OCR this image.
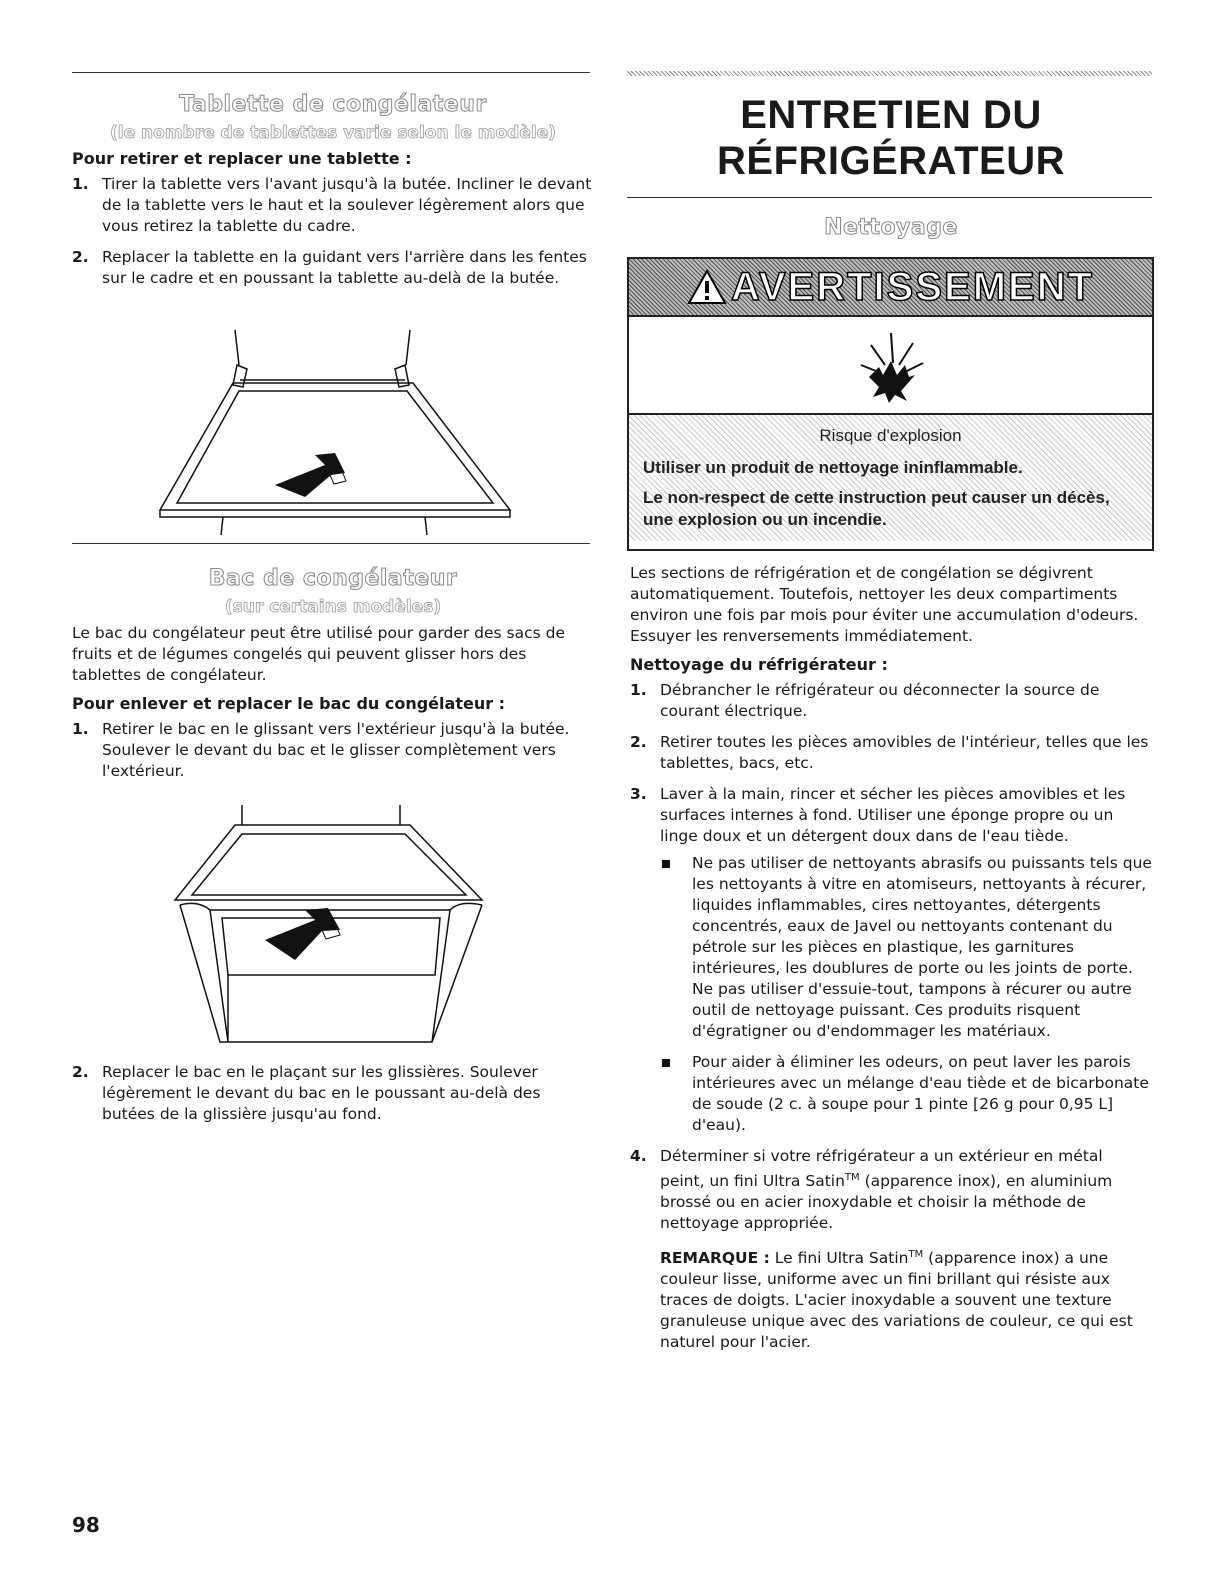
Tablette de congélateur

(le nombre de tablettes varie selon le modèle)

Pour retirer et replacer une tablette :

1. Tirer la tablette vers l'avant jusqu'à la butée. Incliner le devant de la tablette vers le haut et la soulever légèrement alors que vous retirez la tablette du cadre.
2. Replacer la tablette en la guidant vers l'arrière dans les fentes sur le cadre et en poussant la tablette au-delà de la butée.
Bac de congélateur

(sur certains modèles)

Le bac du congélateur peut être utilisé pour garder des sacs de fruits et de légumes congelés qui peuvent glisser hors des tablettes de congélateur.

Pour enlever et replacer le bac du congélateur :

1. Retirer le bac en le glissant vers l'extérieur jusqu'à la butée. Soulever le devant du bac et le glisser complètement vers l'extérieur.
2. Replacer le bac en le plaçant sur les glissières. Soulever légèrement le devant du bac en le poussant au-delà des butées de la glissière jusqu'au fond.
ENTRETIEN DU
RÉFRIGÉRATEUR
Nettoyage
AVERTISSEMENT

Risque d'explosion

Utiliser un produit de nettoyage ininflammable.

Le non-respect de cette instruction peut causer un décès, une explosion ou un incendie.

Les sections de réfrigération et de congélation se dégivrent automatiquement. Toutefois, nettoyer les deux compartiments environ une fois par mois pour éviter une accumulation d'odeurs. Essuyer les renversements immédiatement.

Nettoyage du réfrigérateur :

1. Débrancher le réfrigérateur ou déconnecter la source de courant électrique.
2. Retirer toutes les pièces amovibles de l'intérieur, telles que les tablettes, bacs, etc.
3. Laver à la main, rincer et sécher les pièces amovibles et les surfaces internes à fond. Utiliser une éponge propre ou un linge doux et un détergent doux dans de l'eau tiède.
Ne pas utiliser de nettoyants abrasifs ou puissants tels que les nettoyants à vitre en atomiseurs, nettoyants à récurer, liquides inflammables, cires nettoyantes, détergents concentrés, eaux de Javel ou nettoyants contenant du pétrole sur les pièces en plastique, les garnitures intérieures, les doublures de porte ou les joints de porte. Ne pas utiliser d'essuie-tout, tampons à récurer ou autre outil de nettoyage puissant. Ces produits risquent d'égratigner ou d'endommager les matériaux.
Pour aider à éliminer les odeurs, on peut laver les parois intérieures avec un mélange d'eau tiède et de bicarbonate de soude (2 c. à soupe pour 1 pinte [26 g pour 0,95 L] d'eau).
4. Déterminer si votre réfrigérateur a un extérieur en métal peint, un fini Ultra Satin™ (apparence inox), en aluminium brossé ou en acier inoxydable et choisir la méthode de nettoyage appropriée.

REMARQUE : Le fini Ultra Satin™ (apparence inox) a une couleur lisse, uniforme avec un fini brillant qui résiste aux traces de doigts. L'acier inoxydable a souvent une texture granuleuse unique avec des variations de couleur, ce qui est naturel pour l'acier.

98
